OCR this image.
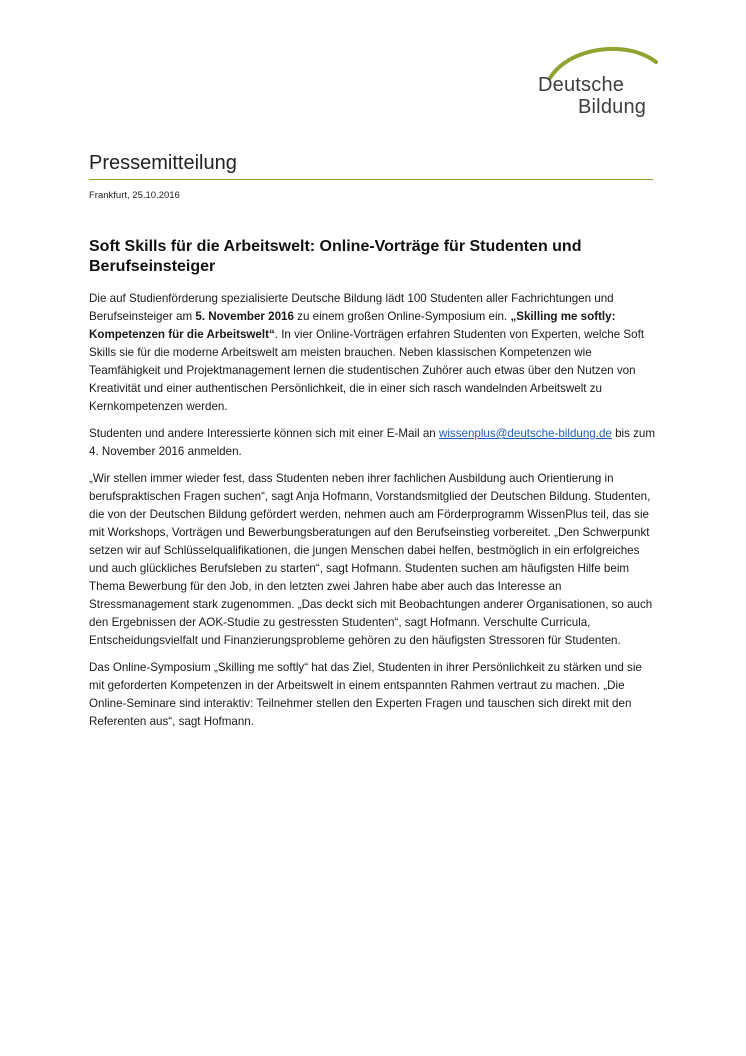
Deutsche
Bildung
Pressemitteilung
Frankfurt, 25.10.2016
Soft Skills für die Arbeitswelt: Online-Vorträge für Studenten und Berufseinsteiger

Die auf Studienförderung spezialisierte Deutsche Bildung lädt 100 Studenten aller Fachrichtungen und Berufseinsteiger am 5. November 2016 zu einem großen Online-Symposium ein. „Skilling me softly: Kompetenzen für die Arbeitswelt“. In vier Online-Vorträgen erfahren Studenten von Experten, welche Soft Skills sie für die moderne Arbeitswelt am meisten brauchen. Neben klassischen Kompetenzen wie Teamfähigkeit und Projektmanagement lernen die studentischen Zuhörer auch etwas über den Nutzen von Kreativität und einer authentischen Persönlichkeit, die in einer sich rasch wandelnden Arbeitswelt zu Kernkompetenzen werden.

Studenten und andere Interessierte können sich mit einer E-Mail an wissenplus@deutsche-bildung.de bis zum 4. November 2016 anmelden.

„Wir stellen immer wieder fest, dass Studenten neben ihrer fachlichen Ausbildung auch Orientierung in berufspraktischen Fragen suchen“, sagt Anja Hofmann, Vorstandsmitglied der Deutschen Bildung. Studenten, die von der Deutschen Bildung gefördert werden, nehmen auch am Förderprogramm WissenPlus teil, das sie mit Workshops, Vorträgen und Bewerbungsberatungen auf den Berufseinstieg vorbereitet. „Den Schwerpunkt setzen wir auf Schlüsselqualifikationen, die jungen Menschen dabei helfen, bestmöglich in ein erfolgreiches und auch glückliches Berufsleben zu starten“, sagt Hofmann. Studenten suchen am häufigsten Hilfe beim Thema Bewerbung für den Job, in den letzten zwei Jahren habe aber auch das Interesse an Stressmanagement stark zugenommen. „Das deckt sich mit Beobachtungen anderer Organisationen, so auch den Ergebnissen der AOK-Studie zu gestressten Studenten“, sagt Hofmann. Verschulte Curricula, Entscheidungsvielfalt und Finanzierungsprobleme gehören zu den häufigsten Stressoren für Studenten.

Das Online-Symposium „Skilling me softly“ hat das Ziel, Studenten in ihrer Persönlichkeit zu stärken und sie mit geforderten Kompetenzen in der Arbeitswelt in einem entspannten Rahmen vertraut zu machen. „Die Online-Seminare sind interaktiv: Teilnehmer stellen den Experten Fragen und tauschen sich direkt mit den Referenten aus“, sagt Hofmann.
